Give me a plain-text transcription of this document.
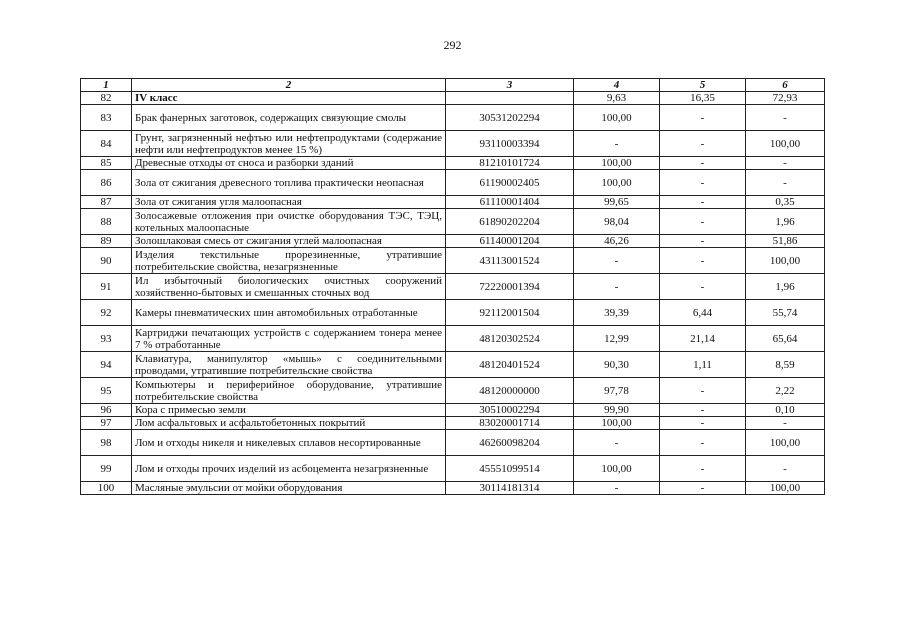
292
1	2	3	4	5	6
82	IV класс		9,63	16,35	72,93
83	Брак фанерных заготовок, содержащих связующие смолы	30531202294	100,00	-	-
84	Грунт, загрязненный нефтью или нефтепродуктами (содержание нефти или нефтепродуктов менее 15 %)	93110003394	-	-	100,00
85	Древесные отходы от сноса и разборки зданий	81210101724	100,00	-	-
86	Зола от сжигания древесного топлива практически неопасная	61190002405	100,00	-	-
87	Зола от сжигания угля малоопасная	61110001404	99,65	-	0,35
88	Золосажевые отложения при очистке оборудования ТЭС, ТЭЦ, котельных малоопасные	61890202204	98,04	-	1,96
89	Золошлаковая смесь от сжигания углей малоопасная	61140001204	46,26	-	51,86
90	Изделия текстильные прорезиненные, утратившие потребительские свойства, незагрязненные	43113001524	-	-	100,00
91	Ил избыточный биологических очистных сооружений хозяйственно-бытовых и смешанных сточных вод	72220001394	-	-	1,96
92	Камеры пневматических шин автомобильных отработанные	92112001504	39,39	6,44	55,74
93	Картриджи печатающих устройств с содержанием тонера менее 7 % отработанные	48120302524	12,99	21,14	65,64
94	Клавиатура, манипулятор «мышь» с соединительными проводами, утратившие потребительские свойства	48120401524	90,30	1,11	8,59
95	Компьютеры и периферийное оборудование, утратившие потребительские свойства	48120000000	97,78	-	2,22
96	Кора с примесью земли	30510002294	99,90	-	0,10
97	Лом асфальтовых и асфальтобетонных покрытий	83020001714	100,00	-	-
98	Лом и отходы никеля и никелевых сплавов несортированные	46260098204	-	-	100,00
99	Лом и отходы прочих изделий из асбоцемента незагрязненные	45551099514	100,00	-	-
100	Масляные эмульсии от мойки оборудования	30114181314	-	-	100,00
